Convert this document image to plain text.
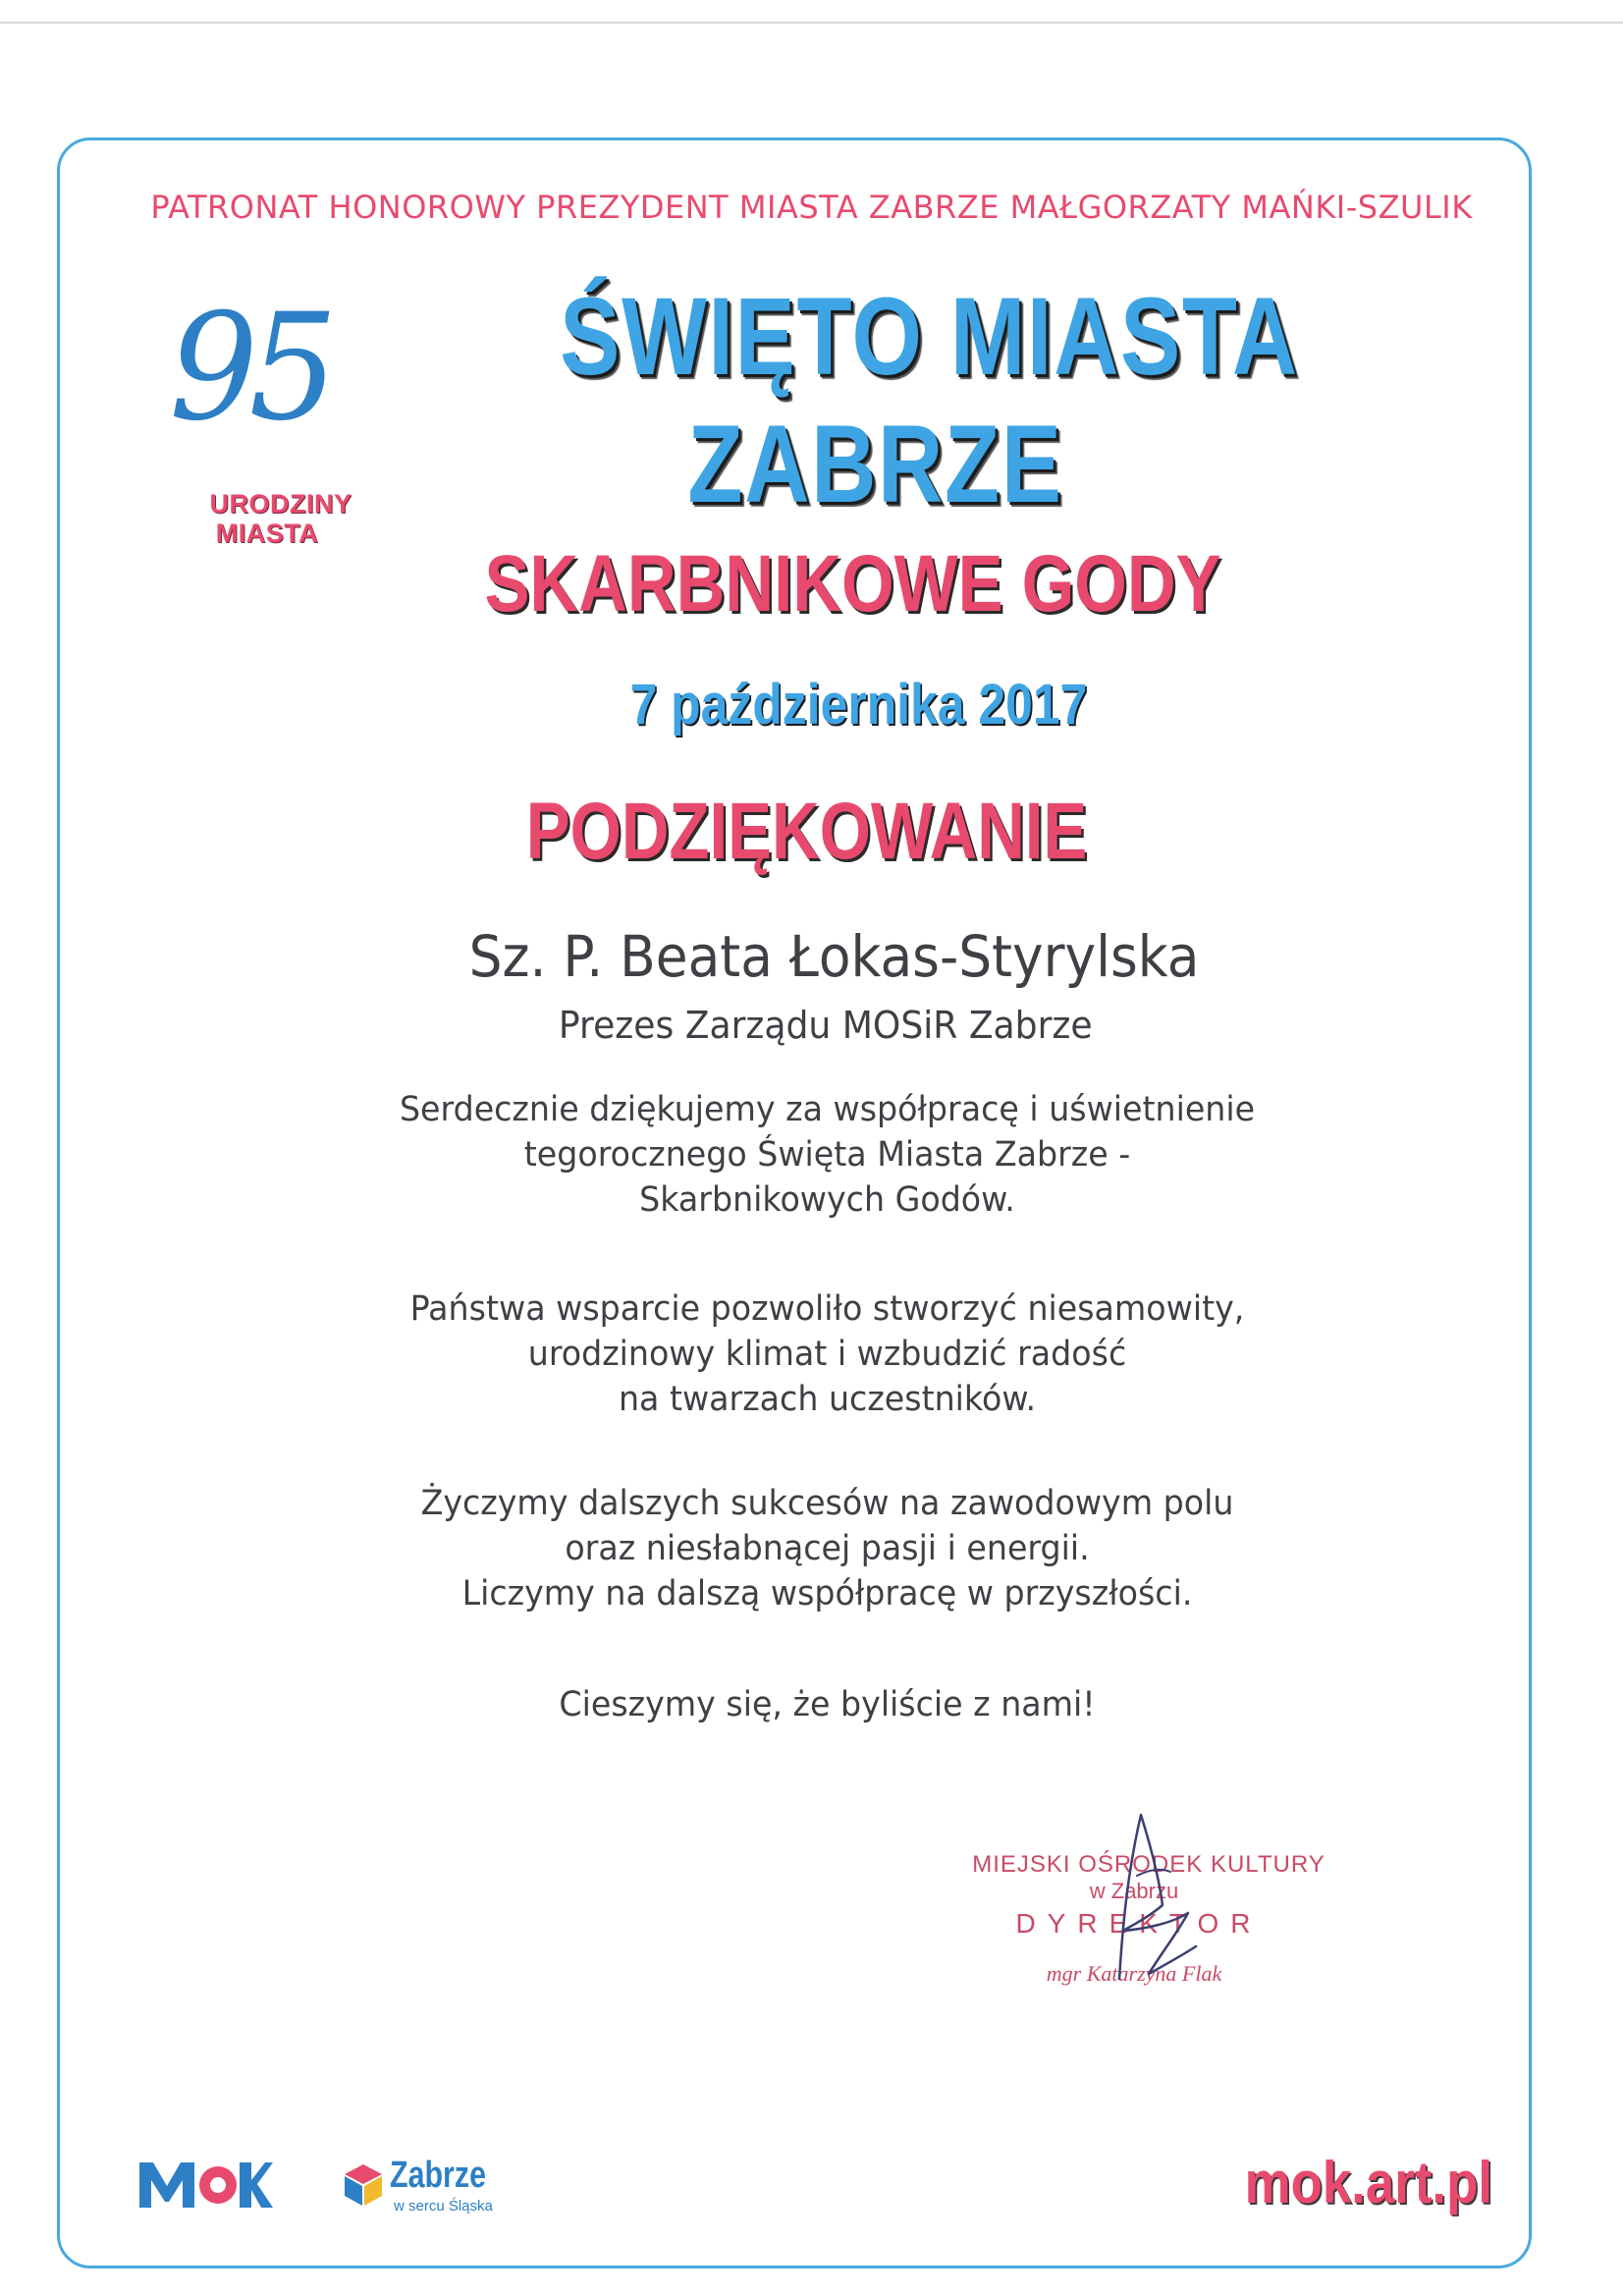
PATRONAT HONOROWY PREZYDENT MIASTA ZABRZE MAŁGORZATY MAŃKI-SZULIK
95
URODZINY
MIASTA
ŚWIĘTO MIASTA
ZABRZE
SKARBNIKOWE GODY
7 października 2017
PODZIĘKOWANIE
Sz. P. Beata Łokas-Styrylska
Prezes Zarządu MOSiR Zabrze
Serdecznie dziękujemy za współpracę i uświetnienie
tegorocznego Święta Miasta Zabrze -
Skarbnikowych Godów.
Państwa wsparcie pozwoliło stworzyć niesamowity,
urodzinowy klimat i wzbudzić radość
na twarzach uczestników.
Życzymy dalszych sukcesów na zawodowym polu
oraz niesłabnącej pasji i energii.
Liczymy na dalszą współpracę w przyszłości.
Cieszymy się, że byliście z nami!
MIEJSKI OŚRODEK KULTURY
w Zabrzu
DYREKTOR
mgr Katarzyna Flak
Zabrze
w sercu Śląska	mok.art.pl
